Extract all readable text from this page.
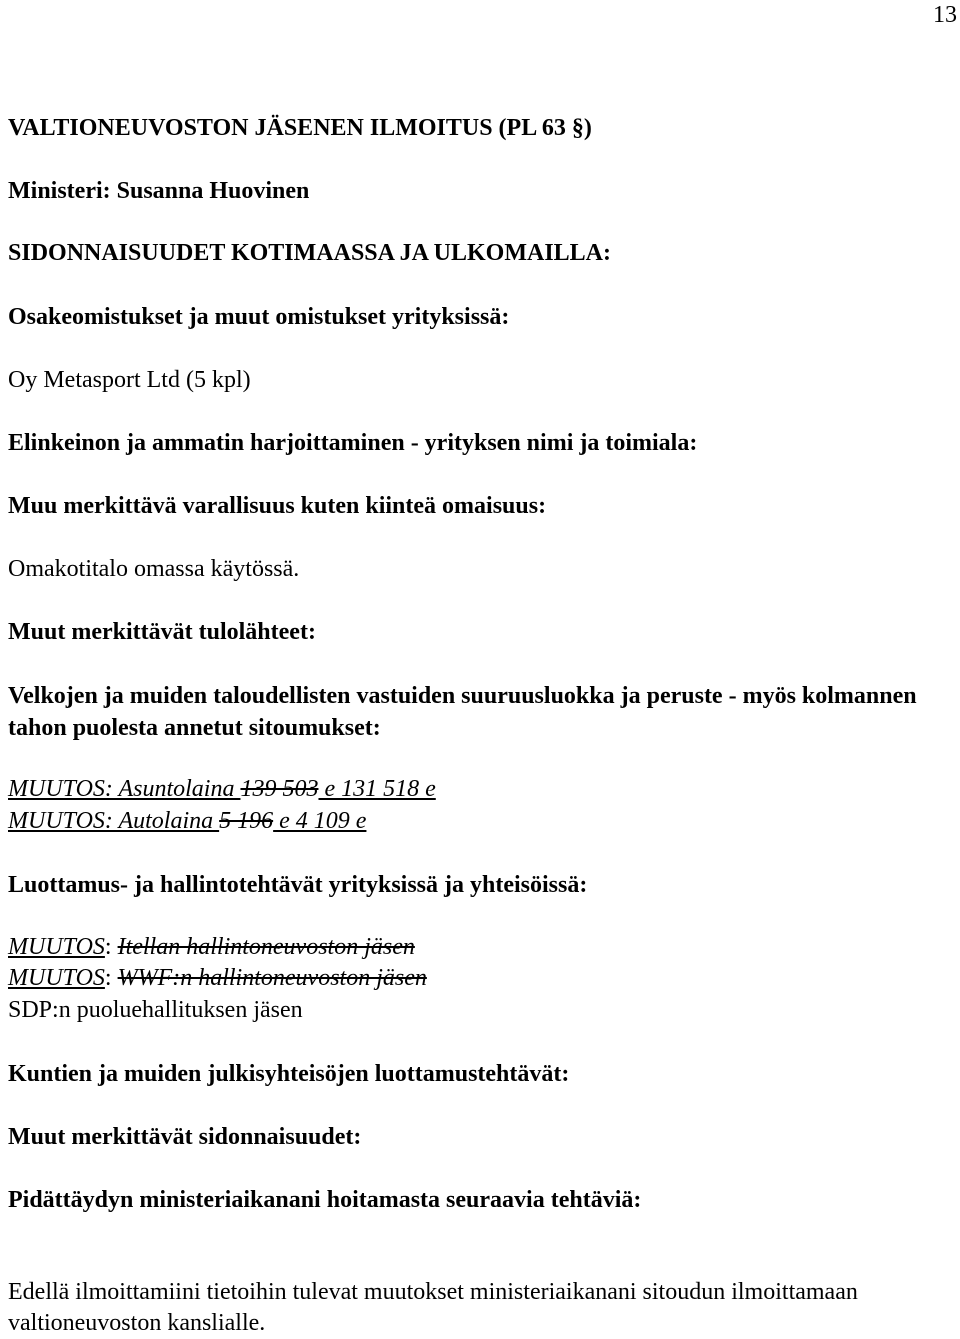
13
VALTIONEUVOSTON JÄSENEN ILMOITUS (PL 63 §)
Ministeri: Susanna Huovinen
SIDONNAISUUDET KOTIMAASSA JA ULKOMAILLA:
Osakeomistukset ja muut omistukset yrityksissä:
Oy Metasport Ltd (5 kpl)
Elinkeinon ja ammatin harjoittaminen - yrityksen nimi ja toimiala:
Muu merkittävä varallisuus kuten kiinteä omaisuus:
Omakotitalo omassa käytössä.
Muut merkittävät tulolähteet:
Velkojen ja muiden taloudellisten vastuiden suuruusluokka ja peruste - myös kolmannen tahon puolesta annetut sitoumukset:
MUUTOS: Asuntolaina 139 503 e 131 518 e
MUUTOS: Autolaina 5 196 e 4 109 e
Luottamus- ja hallintotehtävät yrityksissä ja yhteisöissä:
MUUTOS: Itellan hallintoneuvoston jäsen
MUUTOS: WWF:n hallintoneuvoston jäsen
SDP:n puoluehallituksen jäsen
Kuntien ja muiden julkisyhteisöjen luottamustehtävät:
Muut merkittävät sidonnaisuudet:
Pidättäydyn ministeriaikanani hoitamasta seuraavia tehtäviä:
Edellä ilmoittamiini tietoihin tulevat muutokset ministeriaikanani sitoudun ilmoittamaan valtioneuvoston kanslialle.
